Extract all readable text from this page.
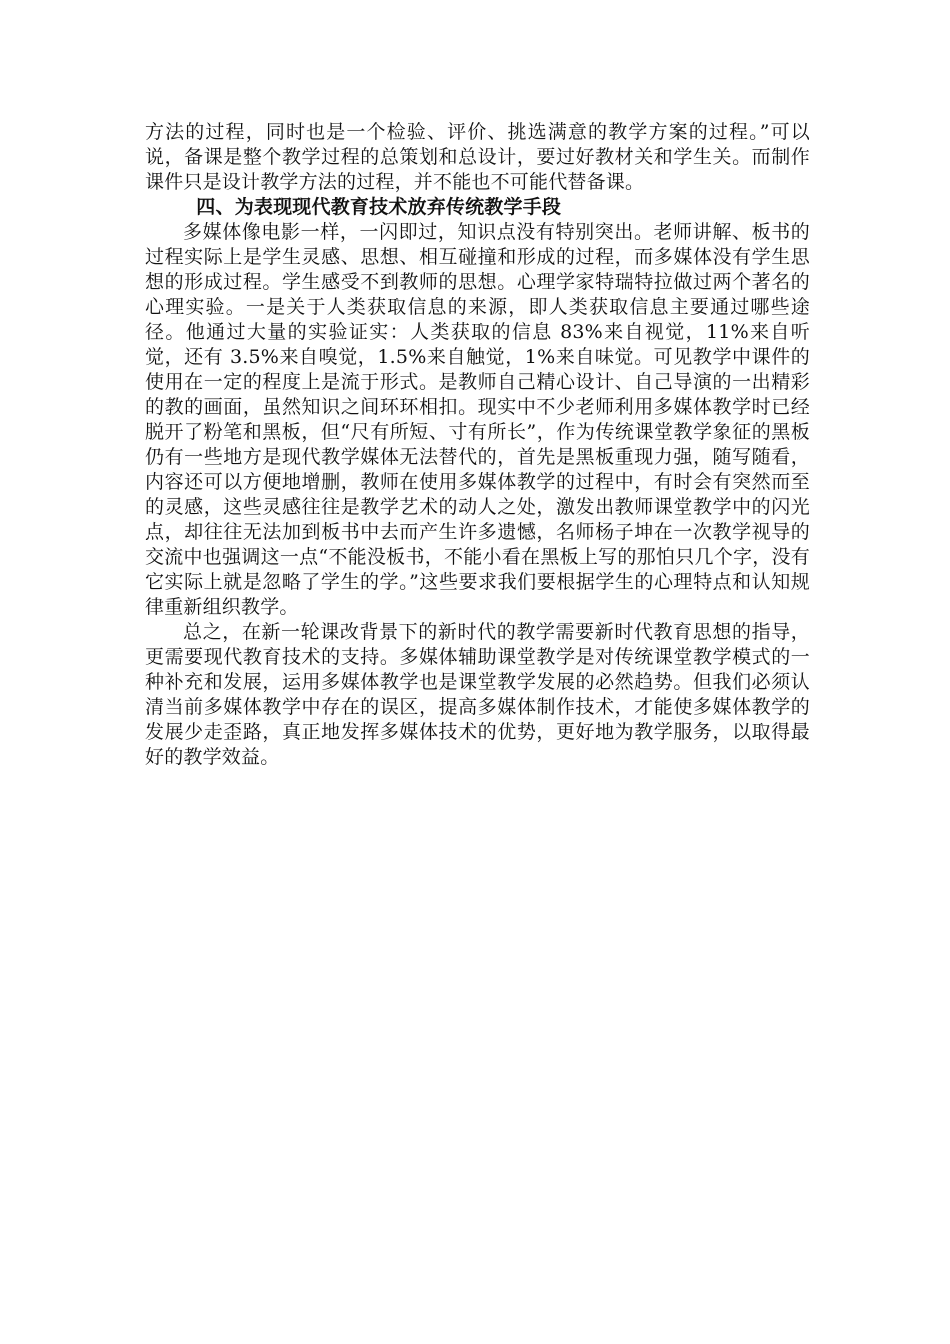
方法的过程，同时也是一个检验、评价、挑选满意的教学方案的过程。”可以说，备课是整个教学过程的总策划和总设计，要过好教材关和学生关。而制作课件只是设计教学方法的过程，并不能也不可能代替备课。

四、为表现现代教育技术放弃传统教学手段

多媒体像电影一样，一闪即过，知识点没有特别突出。老师讲解、板书的过程实际上是学生灵感、思想、相互碰撞和形成的过程，而多媒体没有学生思想的形成过程。学生感受不到教师的思想。心理学家特瑞特拉做过两个著名的心理实验。一是关于人类获取信息的来源，即人类获取信息主要通过哪些途径。他通过大量的实验证实：人类获取的信息 83%来自视觉，11%来自听觉，还有 3.5%来自嗅觉，1.5%来自触觉，1%来自味觉。可见教学中课件的使用在一定的程度上是流于形式。是教师自己精心设计、自己导演的一出精彩的教的画面，虽然知识之间环环相扣。现实中不少老师利用多媒体教学时已经脱开了粉笔和黑板，但“尺有所短、寸有所长”，作为传统课堂教学象征的黑板仍有一些地方是现代教学媒体无法替代的，首先是黑板重现力强，随写随看，内容还可以方便地增删，教师在使用多媒体教学的过程中，有时会有突然而至的灵感，这些灵感往往是教学艺术的动人之处，激发出教师课堂教学中的闪光点，却往往无法加到板书中去而产生许多遗憾，名师杨子坤在一次教学视导的交流中也强调这一点“不能没板书，不能小看在黑板上写的那怕只几个字，没有它实际上就是忽略了学生的学。”这些要求我们要根据学生的心理特点和认知规律重新组织教学。

总之，在新一轮课改背景下的新时代的教学需要新时代教育思想的指导，更需要现代教育技术的支持。多媒体辅助课堂教学是对传统课堂教学模式的一种补充和发展，运用多媒体教学也是课堂教学发展的必然趋势。但我们必须认清当前多媒体教学中存在的误区，提高多媒体制作技术，才能使多媒体教学的发展少走歪路，真正地发挥多媒体技术的优势，更好地为教学服务，以取得最好的教学效益。
